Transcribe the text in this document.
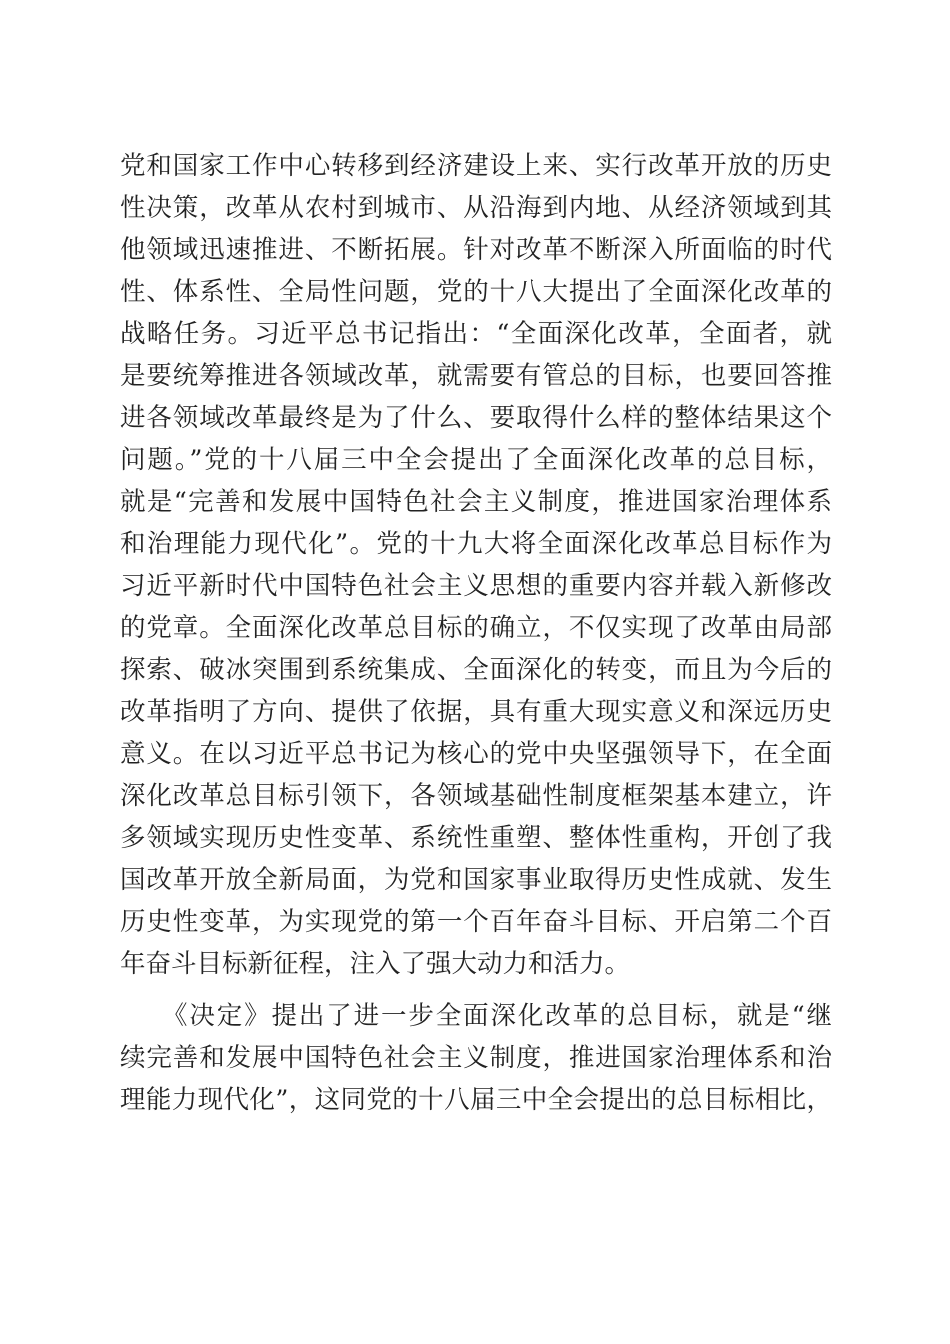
党和国家工作中心转移到经济建设上来、实行改革开放的历史
性决策，改革从农村到城市、从沿海到内地、从经济领域到其
他领域迅速推进、不断拓展。针对改革不断深入所面临的时代
性、体系性、全局性问题，党的十八大提出了全面深化改革的
战略任务。习近平总书记指出：“全面深化改革，全面者，就
是要统筹推进各领域改革，就需要有管总的目标，也要回答推
进各领域改革最终是为了什么、要取得什么样的整体结果这个
问题。”党的十八届三中全会提出了全面深化改革的总目标，
就是“完善和发展中国特色社会主义制度，推进国家治理体系
和治理能力现代化”。党的十九大将全面深化改革总目标作为
习近平新时代中国特色社会主义思想的重要内容并载入新修改
的党章。全面深化改革总目标的确立，不仅实现了改革由局部
探索、破冰突围到系统集成、全面深化的转变，而且为今后的
改革指明了方向、提供了依据，具有重大现实意义和深远历史
意义。在以习近平总书记为核心的党中央坚强领导下，在全面
深化改革总目标引领下，各领域基础性制度框架基本建立，许
多领域实现历史性变革、系统性重塑、整体性重构，开创了我
国改革开放全新局面，为党和国家事业取得历史性成就、发生
历史性变革，为实现党的第一个百年奋斗目标、开启第二个百
年奋斗目标新征程，注入了强大动力和活力。
　　《决定》提出了进一步全面深化改革的总目标，就是“继
续完善和发展中国特色社会主义制度，推进国家治理体系和治
理能力现代化”，这同党的十八届三中全会提出的总目标相比，
